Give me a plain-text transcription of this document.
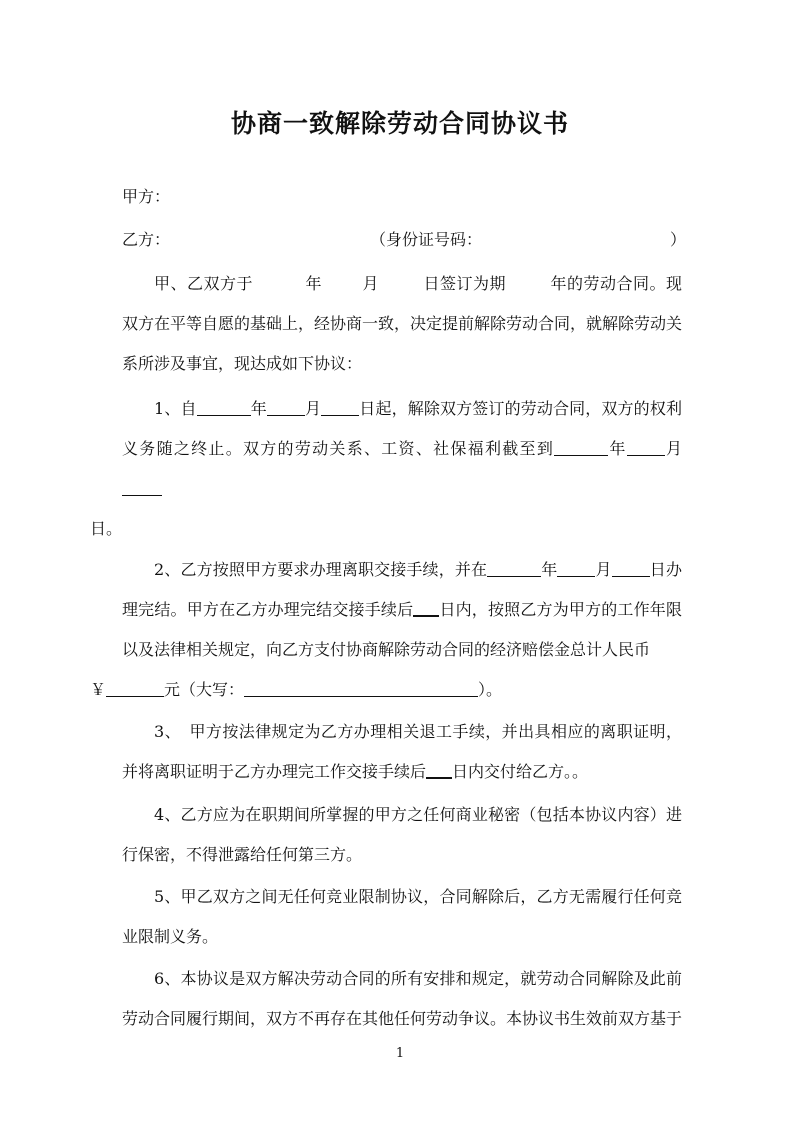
协商一致解除劳动合同协议书
甲方：
乙方：	（身份证号码：	）
甲、乙双方于	年	月	日签订为期	年的劳动合同。现双方在平等自愿的基础上，经协商一致，决定提前解除劳动合同，就解除劳动关系所涉及事宜，现达成如下协议：
1、自	年 月 日起，解除双方签订的劳动合同，双方的权利义务随之终止。双方的劳动关系、工资、社保福利截至到	年 月
日。
2、乙方按照甲方要求办理离职交接手续，并在	年 月 日办理完结。甲方在乙方办理完结交接手续后 日内，按照乙方为甲方的工作年限以及法律相关规定，向乙方支付协商解除劳动合同的经济赔偿金总计人民币
￥	元（大写：	）。
3、　甲方按法律规定为乙方办理相关退工手续，并出具相应的离职证明，并将离职证明于乙方办理完工作交接手续后 日内交付给乙方。。
4、乙方应为在职期间所掌握的甲方之任何商业秘密（包括本协议内容）进行保密，不得泄露给任何第三方。
5、甲乙双方之间无任何竞业限制协议，合同解除后，乙方无需履行任何竞业限制义务。
6、本协议是双方解决劳动合同的所有安排和规定，就劳动合同解除及此前劳动合同履行期间，双方不再存在其他任何劳动争议。本协议书生效前双方基于
1
